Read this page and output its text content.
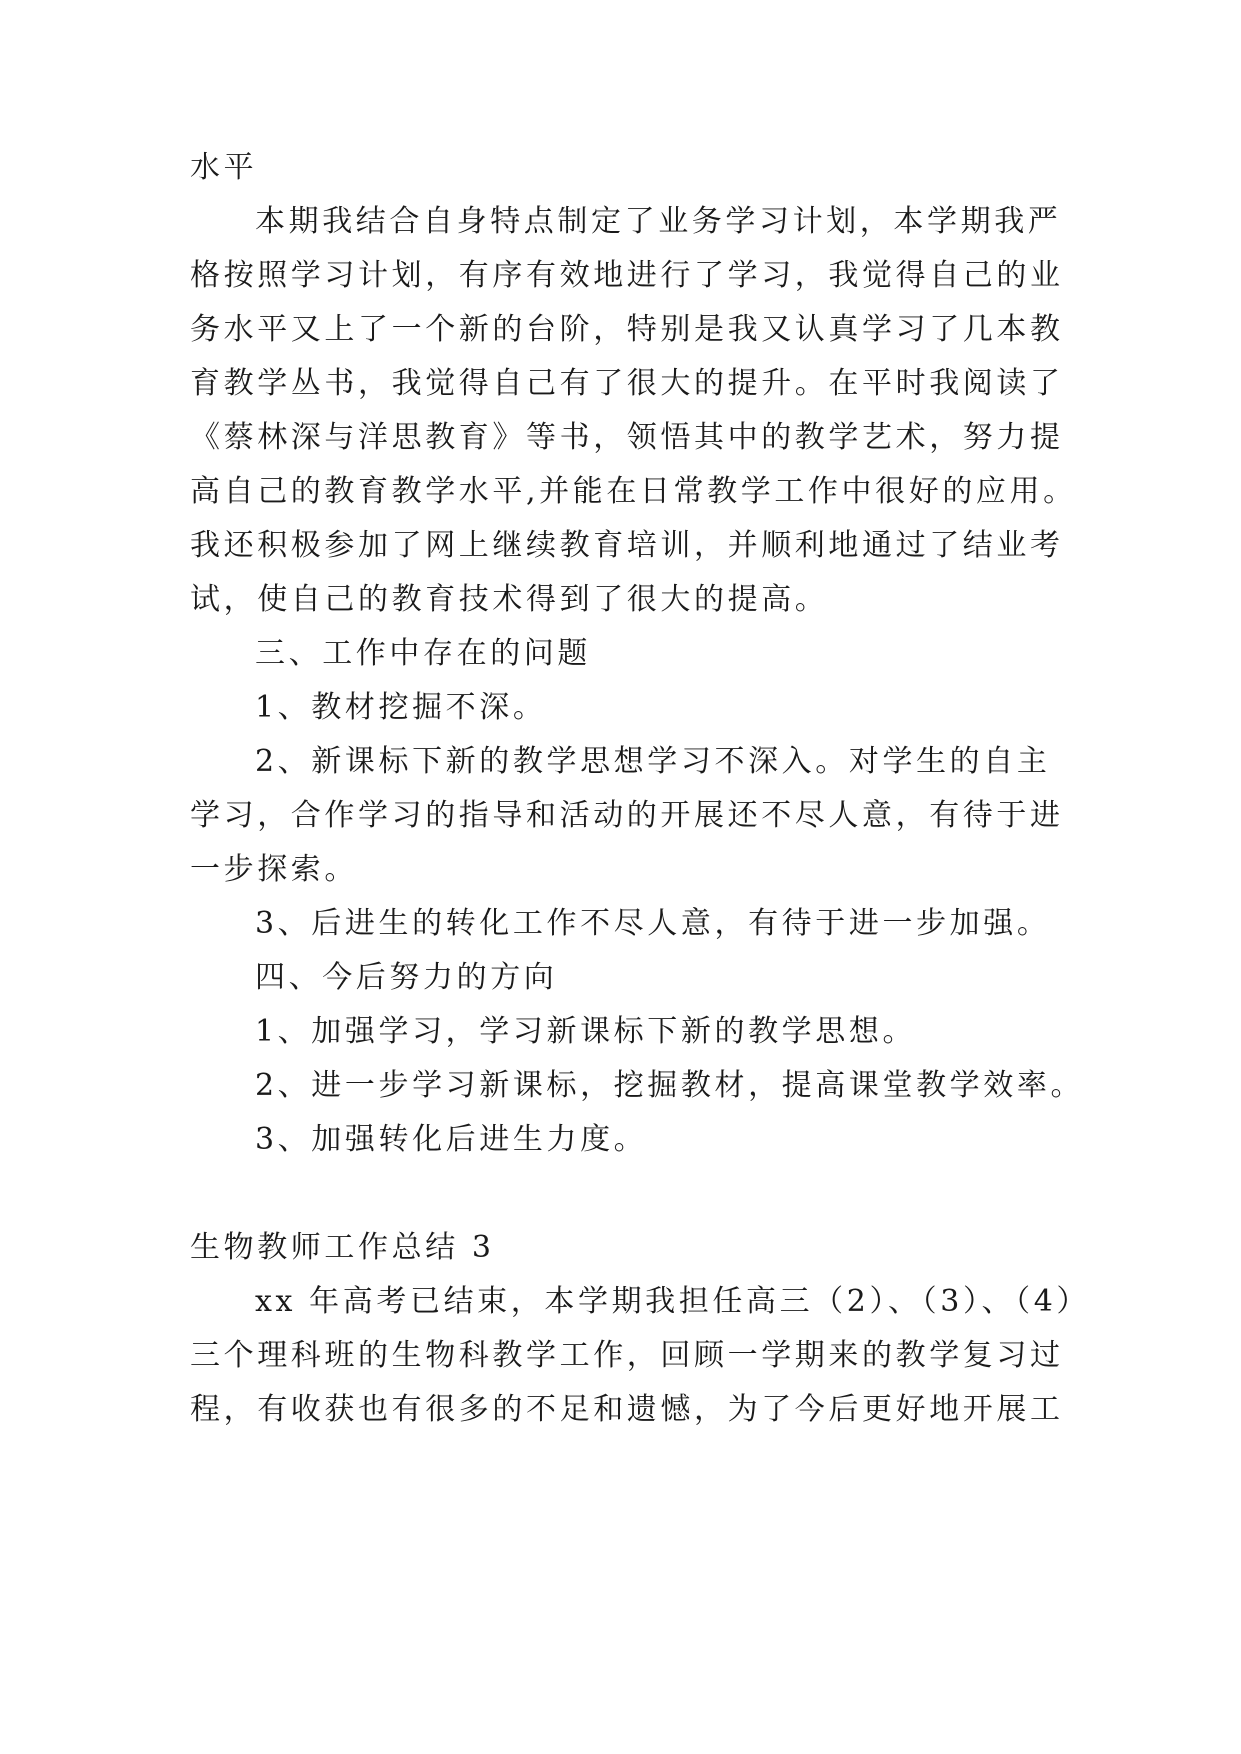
水平
本期我结合自身特点制定了业务学习计划，本学期我严
格按照学习计划，有序有效地进行了学习，我觉得自己的业
务水平又上了一个新的台阶，特别是我又认真学习了几本教
育教学丛书，我觉得自己有了很大的提升。在平时我阅读了
《蔡林深与洋思教育》等书，领悟其中的教学艺术，努力提
高自己的教育教学水平,并能在日常教学工作中很好的应用。
我还积极参加了网上继续教育培训，并顺利地通过了结业考
试，使自己的教育技术得到了很大的提高。
三、工作中存在的问题
1、教材挖掘不深。
2、新课标下新的教学思想学习不深入。对学生的自主
学习，合作学习的指导和活动的开展还不尽人意，有待于进
一步探索。
3、后进生的转化工作不尽人意，有待于进一步加强。
四、今后努力的方向
1、加强学习，学习新课标下新的教学思想。
2、进一步学习新课标，挖掘教材，提高课堂教学效率。
3、加强转化后进生力度。
生物教师工作总结 3
xx 年高考已结束，本学期我担任高三（2）、（3）、（4）
三个理科班的生物科教学工作，回顾一学期来的教学复习过
程，有收获也有很多的不足和遗憾，为了今后更好地开展工
